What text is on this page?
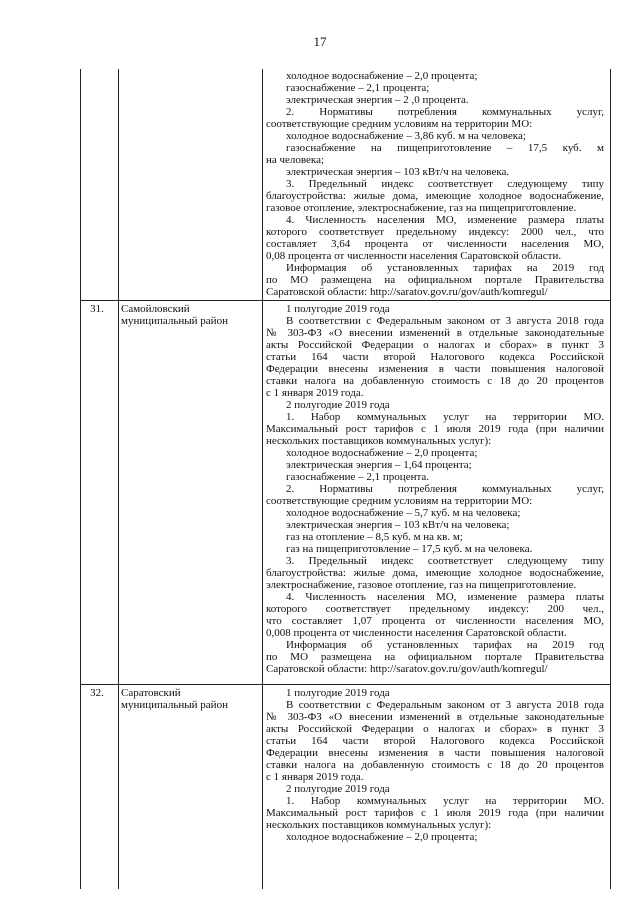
17
холодное водоснабжение – 2,0 процента;
газоснабжение – 2,1 процента;
электрическая энергия – 2 ,0 процента.
2. Нормативы потребления коммунальных услуг,
соответствующие средним условиям на территории МО:
холодное водоснабжение – 3,86 куб. м на человека;
газоснабжение на пищеприготовление – 17,5 куб. м
на человека;
электрическая энергия – 103 кВт/ч на человека.
3. Предельный индекс соответствует следующему типу
благоустройства: жилые дома, имеющие холодное водоснабжение,
газовое отопление, электроснабжение, газ на пищеприготовление.
4. Численность населения МО, изменение размера платы
которого соответствует предельному индексу: 2000 чел., что
составляет 3,64 процента от численности населения МО,
0,08 процента от численности населения Саратовской области.
Информация об установленных тарифах на 2019 год
по МО размещена на официальном портале Правительства
Саратовской области: http://saratov.gov.ru/gov/auth/komregul/
31.	Самойловский
муниципальный район
1 полугодие 2019 года
В соответствии с Федеральным законом от 3 августа 2018 года
№ 303-ФЗ «О внесении изменений в отдельные законодательные
акты Российской Федерации о налогах и сборах» в пункт 3
статьи 164 части второй Налогового кодекса Российской
Федерации внесены изменения в части повышения налоговой
ставки налога на добавленную стоимость с 18 до 20 процентов
с 1 января 2019 года.
2 полугодие 2019 года
1. Набор коммунальных услуг на территории МО.
Максимальный рост тарифов с 1 июля 2019 года (при наличии
нескольких поставщиков коммунальных услуг):
холодное водоснабжение – 2,0 процента;
электрическая энергия – 1,64 процента;
газоснабжение – 2,1 процента.
2. Нормативы потребления коммунальных услуг,
соответствующие средним условиям на территории МО:
холодное водоснабжение – 5,7 куб. м на человека;
электрическая энергия – 103 кВт/ч на человека;
газ на отопление – 8,5 куб. м на кв. м;
газ на пищеприготовление – 17,5 куб. м на человека.
3. Предельный индекс соответствует следующему типу
благоустройства: жилые дома, имеющие холодное водоснабжение,
электроснабжение, газовое отопление, газ на пищеприготовление.
4. Численность населения МО, изменение размера платы
которого соответствует предельному индексу: 200 чел.,
что составляет 1,07 процента от численности населения МО,
0,008 процента от численности населения Саратовской области.
Информация об установленных тарифах на 2019 год
по МО размещена на официальном портале Правительства
Саратовской области: http://saratov.gov.ru/gov/auth/komregul/
32.	Саратовский
муниципальный район
1 полугодие 2019 года
В соответствии с Федеральным законом от 3 августа 2018 года
№ 303-ФЗ «О внесении изменений в отдельные законодательные
акты Российской Федерации о налогах и сборах» в пункт 3
статьи 164 части второй Налогового кодекса Российской
Федерации внесены изменения в части повышения налоговой
ставки налога на добавленную стоимость с 18 до 20 процентов
с 1 января 2019 года.
2 полугодие 2019 года
1. Набор коммунальных услуг на территории МО.
Максимальный рост тарифов с 1 июля 2019 года (при наличии
нескольких поставщиков коммунальных услуг):
холодное водоснабжение – 2,0 процента;
